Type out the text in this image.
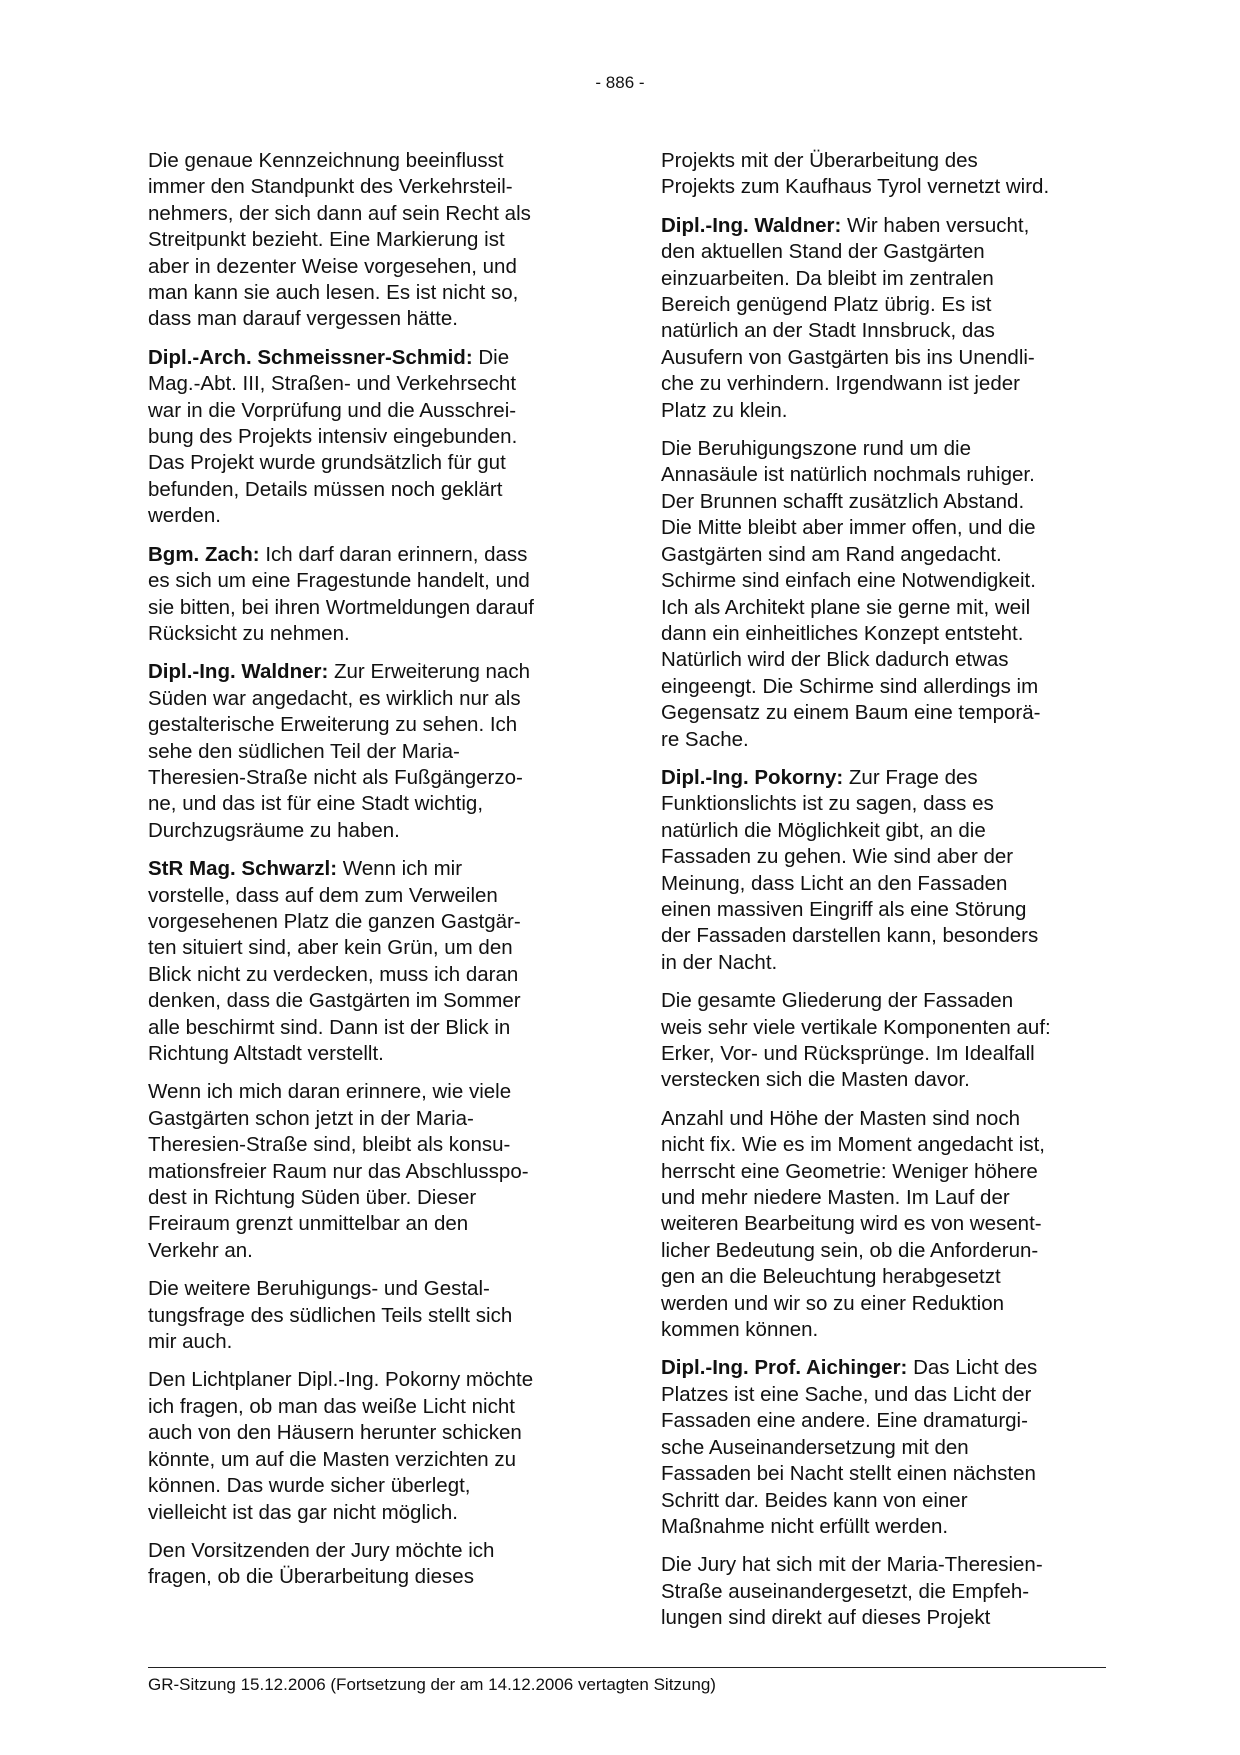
- 886 -

Die genaue Kennzeichnung beeinflusst
immer den Standpunkt des Verkehrsteil-
nehmers, der sich dann auf sein Recht als
Streitpunkt bezieht. Eine Markierung ist
aber in dezenter Weise vorgesehen, und
man kann sie auch lesen. Es ist nicht so,
dass man darauf vergessen hätte.

Dipl.-Arch. Schmeissner-Schmid: Die
Mag.-Abt. III, Straßen- und Verkehrsecht
war in die Vorprüfung und die Ausschrei-
bung des Projekts intensiv eingebunden.
Das Projekt wurde grundsätzlich für gut
befunden, Details müssen noch geklärt
werden.

Bgm. Zach: Ich darf daran erinnern, dass
es sich um eine Fragestunde handelt, und
sie bitten, bei ihren Wortmeldungen darauf
Rücksicht zu nehmen.

Dipl.-Ing. Waldner: Zur Erweiterung nach
Süden war angedacht, es wirklich nur als
gestalterische Erweiterung zu sehen. Ich
sehe den südlichen Teil der Maria-
Theresien-Straße nicht als Fußgängerzo-
ne, und das ist für eine Stadt wichtig,
Durchzugsräume zu haben.

StR Mag. Schwarzl: Wenn ich mir
vorstelle, dass auf dem zum Verweilen
vorgesehenen Platz die ganzen Gastgär-
ten situiert sind, aber kein Grün, um den
Blick nicht zu verdecken, muss ich daran
denken, dass die Gastgärten im Sommer
alle beschirmt sind. Dann ist der Blick in
Richtung Altstadt verstellt.

Wenn ich mich daran erinnere, wie viele
Gastgärten schon jetzt in der Maria-
Theresien-Straße sind, bleibt als konsu-
mationsfreier Raum nur das Abschlusspo-
dest in Richtung Süden über. Dieser
Freiraum grenzt unmittelbar an den
Verkehr an.

Die weitere Beruhigungs- und Gestal-
tungsfrage des südlichen Teils stellt sich
mir auch.

Den Lichtplaner Dipl.-Ing. Pokorny möchte
ich fragen, ob man das weiße Licht nicht
auch von den Häusern herunter schicken
könnte, um auf die Masten verzichten zu
können. Das wurde sicher überlegt,
vielleicht ist das gar nicht möglich.

Den Vorsitzenden der Jury möchte ich
fragen, ob die Überarbeitung dieses

Projekts mit der Überarbeitung des
Projekts zum Kaufhaus Tyrol vernetzt wird.

Dipl.-Ing. Waldner: Wir haben versucht,
den aktuellen Stand der Gastgärten
einzuarbeiten. Da bleibt im zentralen
Bereich genügend Platz übrig. Es ist
natürlich an der Stadt Innsbruck, das
Ausufern von Gastgärten bis ins Unendli-
che zu verhindern. Irgendwann ist jeder
Platz zu klein.

Die Beruhigungszone rund um die
Annasäule ist natürlich nochmals ruhiger.
Der Brunnen schafft zusätzlich Abstand.
Die Mitte bleibt aber immer offen, und die
Gastgärten sind am Rand angedacht.
Schirme sind einfach eine Notwendigkeit.
Ich als Architekt plane sie gerne mit, weil
dann ein einheitliches Konzept entsteht.
Natürlich wird der Blick dadurch etwas
eingeengt. Die Schirme sind allerdings im
Gegensatz zu einem Baum eine temporä-
re Sache.

Dipl.-Ing. Pokorny: Zur Frage des
Funktionslichts ist zu sagen, dass es
natürlich die Möglichkeit gibt, an die
Fassaden zu gehen. Wie sind aber der
Meinung, dass Licht an den Fassaden
einen massiven Eingriff als eine Störung
der Fassaden darstellen kann, besonders
in der Nacht.

Die gesamte Gliederung der Fassaden
weis sehr viele vertikale Komponenten auf:
Erker, Vor- und Rücksprünge. Im Idealfall
verstecken sich die Masten davor.

Anzahl und Höhe der Masten sind noch
nicht fix. Wie es im Moment angedacht ist,
herrscht eine Geometrie: Weniger höhere
und mehr niedere Masten. Im Lauf der
weiteren Bearbeitung wird es von wesent-
licher Bedeutung sein, ob die Anforderun-
gen an die Beleuchtung herabgesetzt
werden und wir so zu einer Reduktion
kommen können.

Dipl.-Ing. Prof. Aichinger: Das Licht des
Platzes ist eine Sache, und das Licht der
Fassaden eine andere. Eine dramaturgi-
sche Auseinandersetzung mit den
Fassaden bei Nacht stellt einen nächsten
Schritt dar. Beides kann von einer
Maßnahme nicht erfüllt werden.

Die Jury hat sich mit der Maria-Theresien-
Straße auseinandergesetzt, die Empfeh-
lungen sind direkt auf dieses Projekt

GR-Sitzung 15.12.2006 (Fortsetzung der am 14.12.2006 vertagten Sitzung)
